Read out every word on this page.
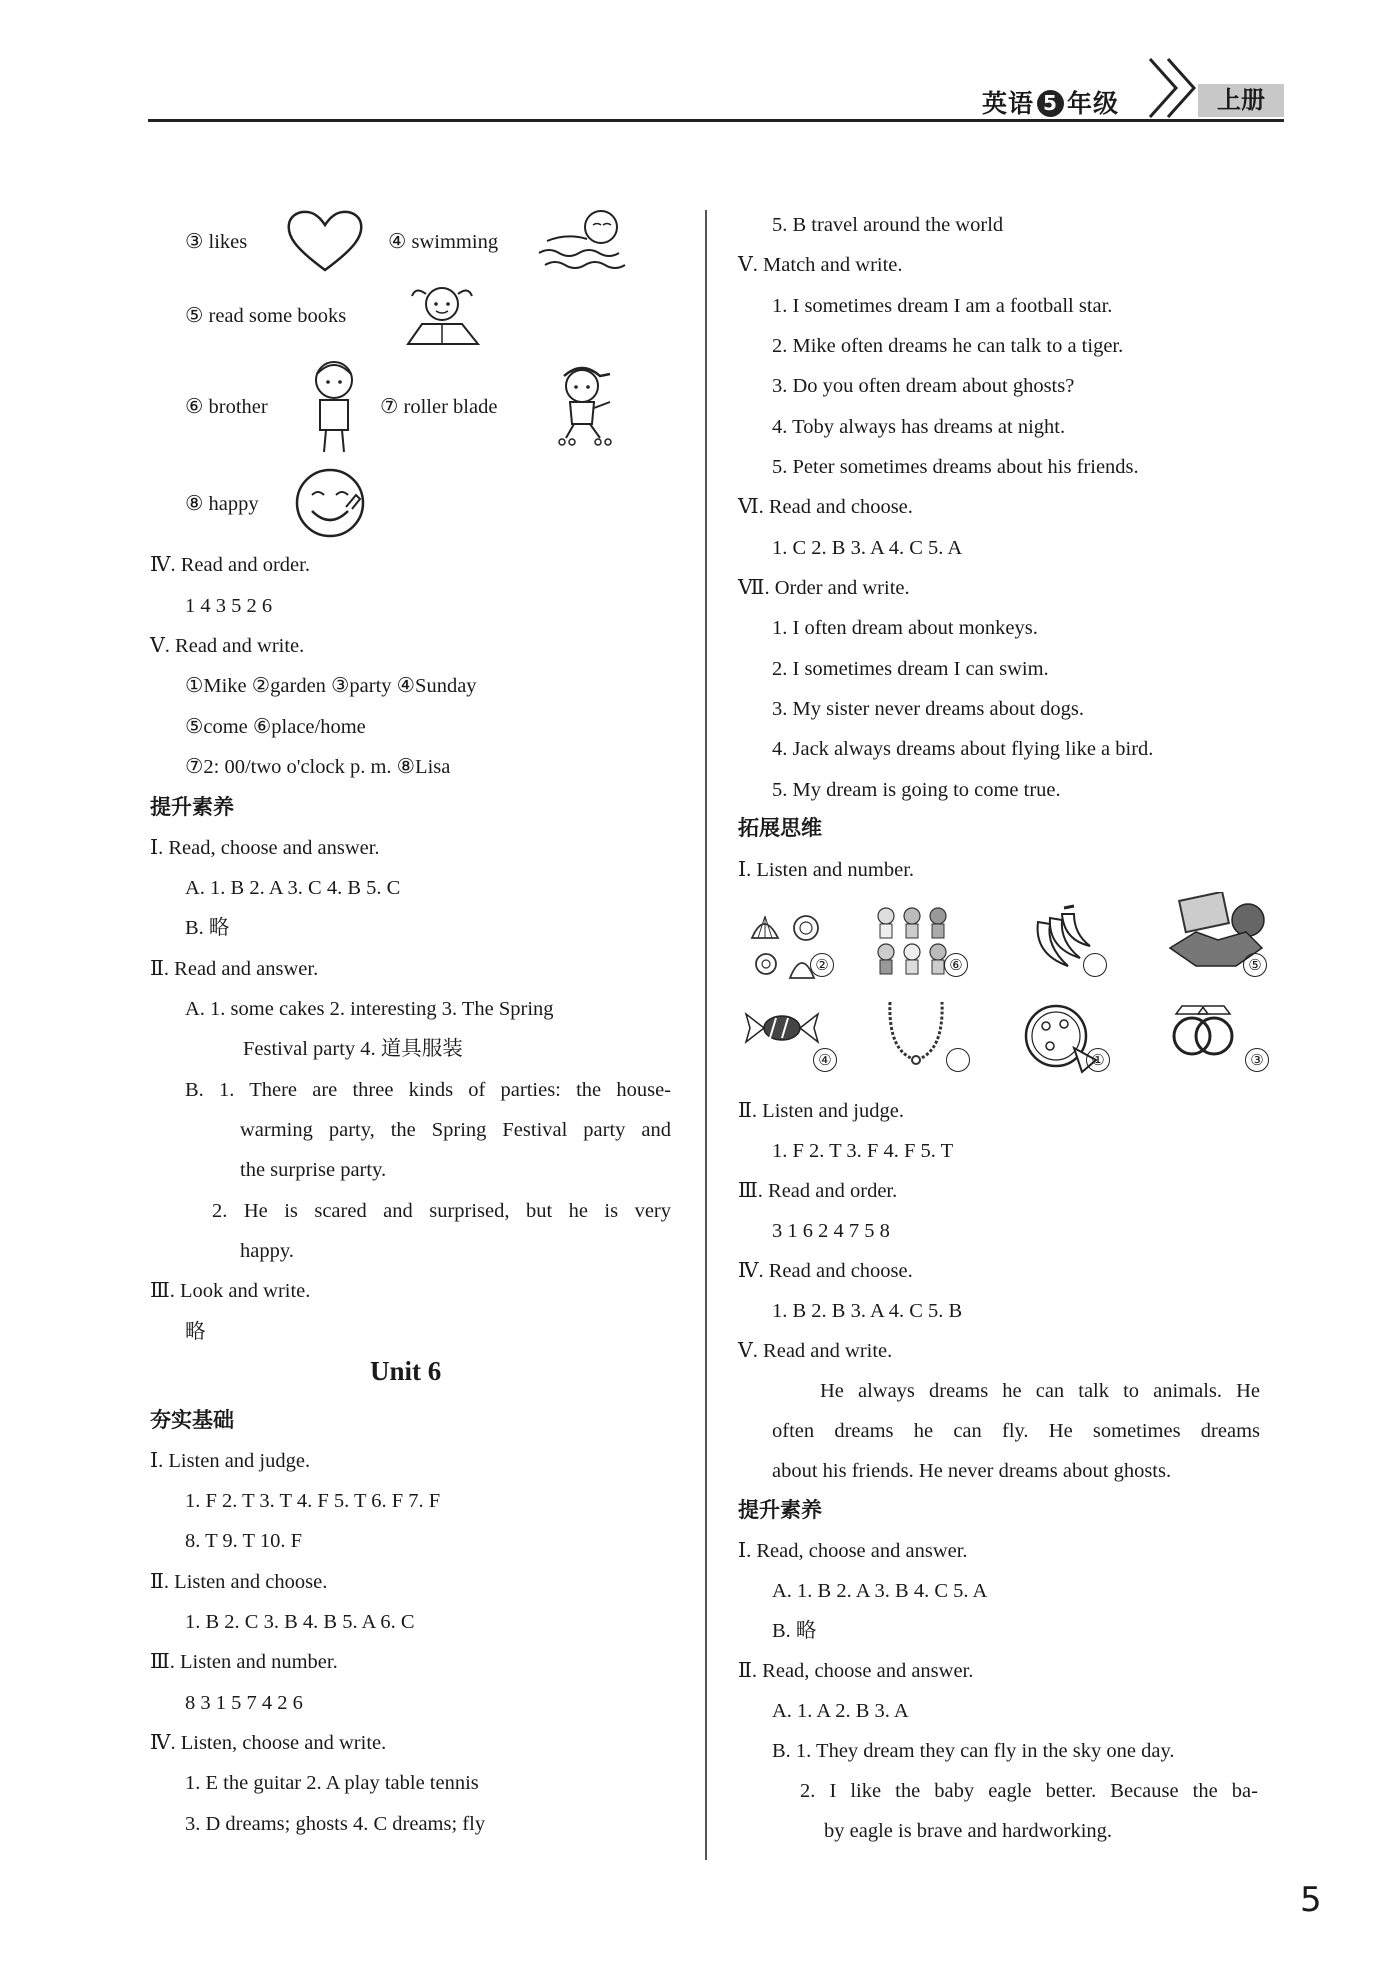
英语 5 年级	上册
③ likes	④ swimming
⑤ read some books
⑥ brother	⑦ roller blade
⑧ happy
Ⅳ. Read and order.
1 4 3 5 2 6
Ⅴ. Read and write.
①Mike ②garden ③party ④Sunday
⑤come ⑥place/home
⑦2: 00/two o'clock p. m. ⑧Lisa
提升素养
Ⅰ. Read, choose and answer.
A. 1. B 2. A 3. C 4. B 5. C
B. 略
Ⅱ. Read and answer.
A. 1. some cakes 2. interesting 3. The Spring
Festival party 4. 道具服装
B. 1. There are three kinds of parties: the house-
warming party, the Spring Festival party and
the surprise party.
2. He is scared and surprised, but he is very
happy.
Ⅲ. Look and write.
略
Unit 6
夯实基础
Ⅰ. Listen and judge.
1. F 2. T 3. T 4. F 5. T 6. F 7. F
8. T 9. T 10. F
Ⅱ. Listen and choose.
1. B 2. C 3. B 4. B 5. A 6. C
Ⅲ. Listen and number.
8 3 1 5 7 4 2 6
Ⅳ. Listen, choose and write.
1. E the guitar 2. A play table tennis
3. D dreams; ghosts 4. C dreams; fly
5. B travel around the world
Ⅴ. Match and write.
1. I sometimes dream I am a football star.
2. Mike often dreams he can talk to a tiger.
3. Do you often dream about ghosts?
4. Toby always has dreams at night.
5. Peter sometimes dreams about his friends.
Ⅵ. Read and choose.
1. C 2. B 3. A 4. C 5. A
Ⅶ. Order and write.
1. I often dream about monkeys.
2. I sometimes dream I can swim.
3. My sister never dreams about dogs.
4. Jack always dreams about flying like a bird.
5. My dream is going to come true.
拓展思维
Ⅰ. Listen and number.
②	⑥	⑤
④	①	③
Ⅱ. Listen and judge.
1. F 2. T 3. F 4. F 5. T
Ⅲ. Read and order.
3 1 6 2 4 7 5 8
Ⅳ. Read and choose.
1. B 2. B 3. A 4. C 5. B
Ⅴ. Read and write.
He always dreams he can talk to animals. He
often dreams he can fly. He sometimes dreams
about his friends. He never dreams about ghosts.
提升素养
Ⅰ. Read, choose and answer.
A. 1. B 2. A 3. B 4. C 5. A
B. 略
Ⅱ. Read, choose and answer.
A. 1. A 2. B 3. A
B. 1. They dream they can fly in the sky one day.
2. I like the baby eagle better. Because the ba-
by eagle is brave and hardworking.
5
